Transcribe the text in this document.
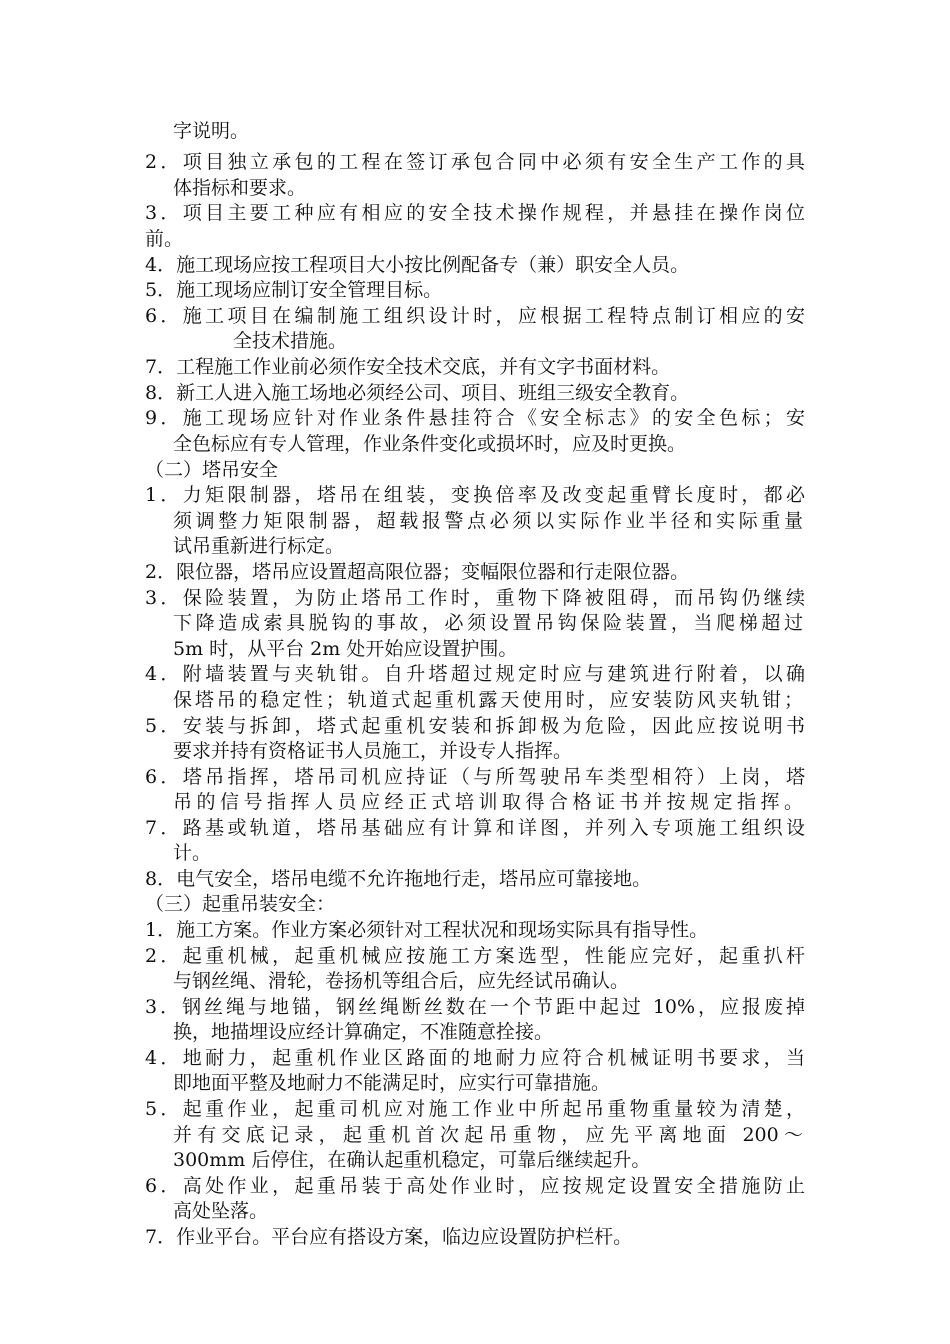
字说明。
2．项目独立承包的工程在签订承包合同中必须有安全生产工作的具
体指标和要求。
3．项目主要工种应有相应的安全技术操作规程，并悬挂在操作岗位
前。
4．施工现场应按工程项目大小按比例配备专（兼）职安全人员。
5．施工现场应制订安全管理目标。
6．施工项目在编制施工组织设计时，应根据工程特点制订相应的安
全技术措施。
7．工程施工作业前必须作安全技术交底，并有文字书面材料。
8．新工人进入施工场地必须经公司、项目、班组三级安全教育。
9．施工现场应针对作业条件悬挂符合《安全标志》的安全色标；安
全色标应有专人管理，作业条件变化或损坏时，应及时更换。
（二）塔吊安全
1．力矩限制器，塔吊在组装，变换倍率及改变起重臂长度时，都必
须调整力矩限制器，超载报警点必须以实际作业半径和实际重量
试吊重新进行标定。
2．限位器，塔吊应设置超高限位器；变幅限位器和行走限位器。
3．保险装置，为防止塔吊工作时，重物下降被阻碍，而吊钩仍继续
下降造成索具脱钩的事故，必须设置吊钩保险装置，当爬梯超过
5m 时，从平台 2m 处开始应设置护围。
4．附墙装置与夹轨钳。自升塔超过规定时应与建筑进行附着，以确
保塔吊的稳定性；轨道式起重机露天使用时，应安装防风夹轨钳；
5．安装与拆卸，塔式起重机安装和拆卸极为危险，因此应按说明书
要求并持有资格证书人员施工，并设专人指挥。
6．塔吊指挥，塔吊司机应持证（与所驾驶吊车类型相符）上岗，塔
吊的信号指挥人员应经正式培训取得合格证书并按规定指挥。
7．路基或轨道，塔吊基础应有计算和详图，并列入专项施工组织设
计。
8．电气安全，塔吊电缆不允许拖地行走，塔吊应可靠接地。
（三）起重吊装安全：
1．施工方案。作业方案必须针对工程状况和现场实际具有指导性。
2．起重机械，起重机械应按施工方案选型，性能应完好，起重扒杆
与钢丝绳、滑轮，卷扬机等组合后，应先经试吊确认。
3．钢丝绳与地锚，钢丝绳断丝数在一个节距中起过 10%，应报废掉
换，地描埋设应经计算确定，不准随意拴接。
4．地耐力，起重机作业区路面的地耐力应符合机械证明书要求，当
即地面平整及地耐力不能满足时，应实行可靠措施。
5．起重作业，起重司机应对施工作业中所起吊重物重量较为清楚，
并有交底记录，起重机首次起吊重物，应先平离地面 200～
300mm 后停住，在确认起重机稳定，可靠后继续起升。
6．高处作业，起重吊装于高处作业时，应按规定设置安全措施防止
高处坠落。
7．作业平台。平台应有搭设方案，临边应设置防护栏杆。
